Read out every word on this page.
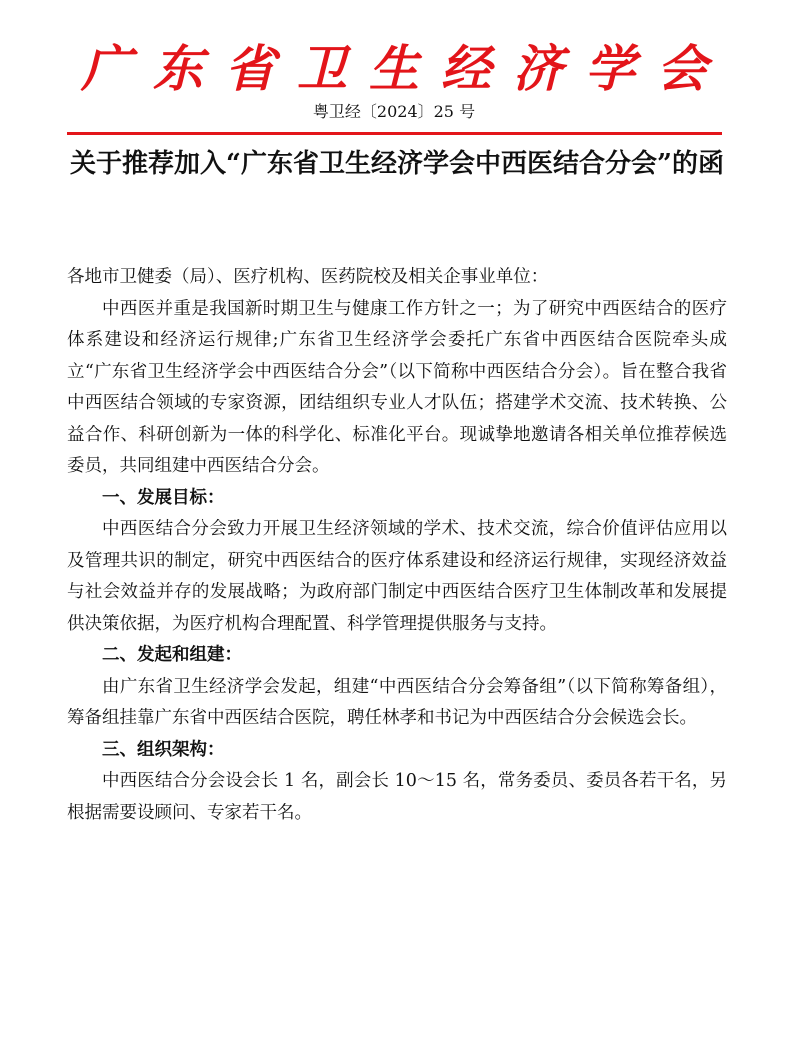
广 东 省 卫 生 经 济 学 会
粤卫经〔2024〕25 号
关于推荐加入“广东省卫生经济学会中西医结合分会”的函

各地市卫健委（局）、医疗机构、医药院校及相关企事业单位：

中西医并重是我国新时期卫生与健康工作方针之一；为了研究中西医结合的医疗体系建设和经济运行规律;广东省卫生经济学会委托广东省中西医结合医院牵头成立“广东省卫生经济学会中西医结合分会”（以下简称中西医结合分会）。旨在整合我省中西医结合领域的专家资源，团结组织专业人才队伍；搭建学术交流、技术转换、公益合作、科研创新为一体的科学化、标准化平台。现诚挚地邀请各相关单位推荐候选委员，共同组建中西医结合分会。

一、发展目标：

中西医结合分会致力开展卫生经济领域的学术、技术交流，综合价值评估应用以及管理共识的制定，研究中西医结合的医疗体系建设和经济运行规律，实现经济效益与社会效益并存的发展战略；为政府部门制定中西医结合医疗卫生体制改革和发展提供决策依据，为医疗机构合理配置、科学管理提供服务与支持。

二、发起和组建：

由广东省卫生经济学会发起，组建“中西医结合分会筹备组”（以下简称筹备组），筹备组挂靠广东省中西医结合医院，聘任林孝和书记为中西医结合分会候选会长。

三、组织架构：

中西医结合分会设会长 1 名，副会长 10～15 名，常务委员、委员各若干名，另根据需要设顾问、专家若干名。
